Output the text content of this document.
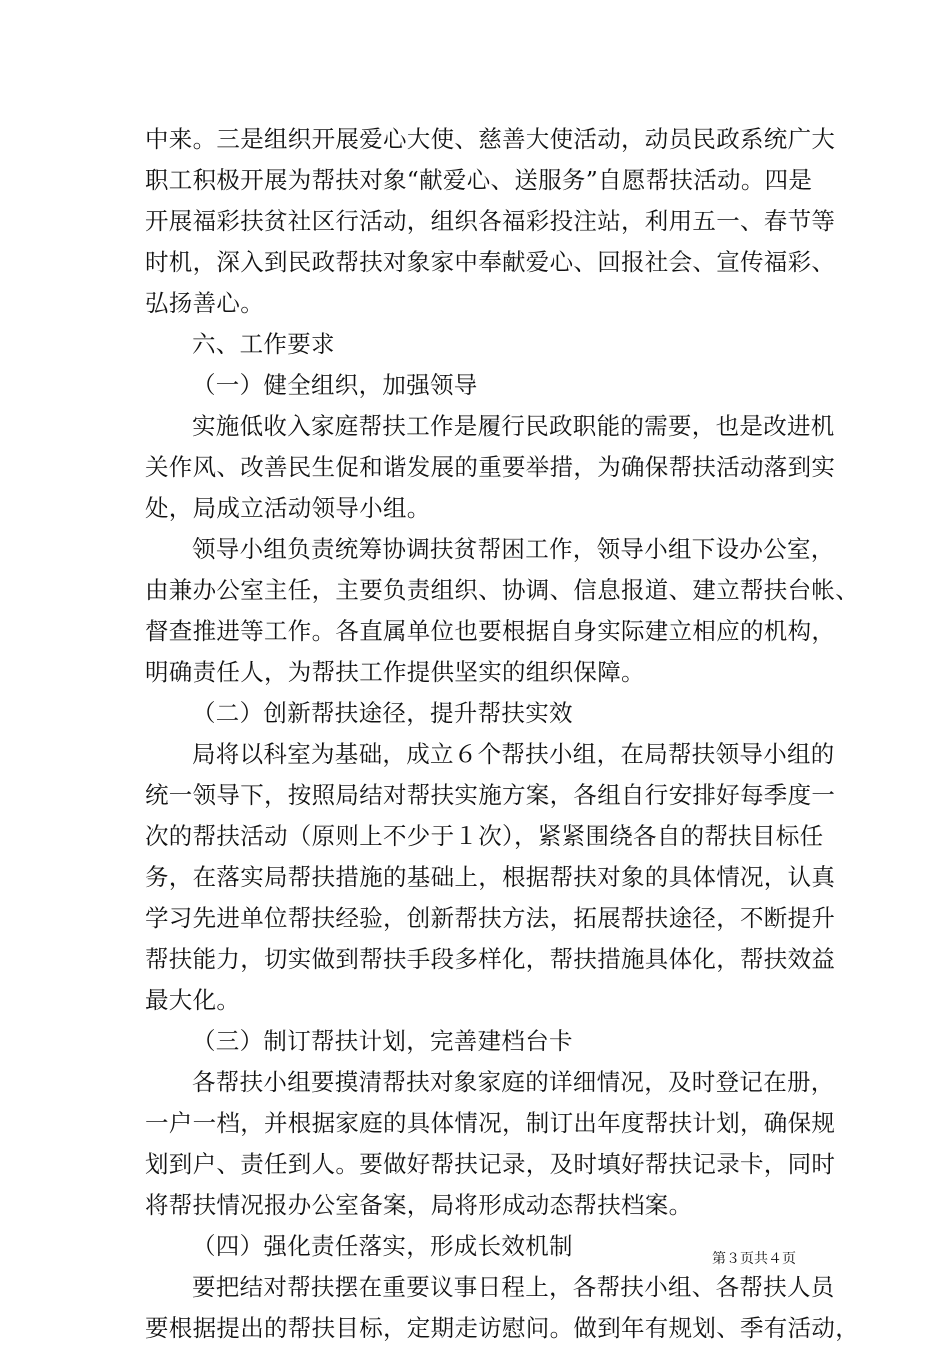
中来。三是组织开展爱心大使、慈善大使活动，动员民政系统广大
职工积极开展为帮扶对象“献爱心、送服务”自愿帮扶活动。四是
开展福彩扶贫社区行活动，组织各福彩投注站，利用五一、春节等
时机，深入到民政帮扶对象家中奉献爱心、回报社会、宣传福彩、
弘扬善心。
六、工作要求
（一）健全组织，加强领导
实施低收入家庭帮扶工作是履行民政职能的需要，也是改进机
关作风、改善民生促和谐发展的重要举措，为确保帮扶活动落到实
处，局成立活动领导小组。
领导小组负责统筹协调扶贫帮困工作，领导小组下设办公室，
由兼办公室主任，主要负责组织、协调、信息报道、建立帮扶台帐、
督查推进等工作。各直属单位也要根据自身实际建立相应的机构，
明确责任人，为帮扶工作提供坚实的组织保障。
（二）创新帮扶途径，提升帮扶实效
局将以科室为基础，成立６个帮扶小组，在局帮扶领导小组的
统一领导下，按照局结对帮扶实施方案，各组自行安排好每季度一
次的帮扶活动（原则上不少于１次），紧紧围绕各自的帮扶目标任
务，在落实局帮扶措施的基础上，根据帮扶对象的具体情况，认真
学习先进单位帮扶经验，创新帮扶方法，拓展帮扶途径，不断提升
帮扶能力，切实做到帮扶手段多样化，帮扶措施具体化，帮扶效益
最大化。
（三）制订帮扶计划，完善建档台卡
各帮扶小组要摸清帮扶对象家庭的详细情况，及时登记在册，
一户一档，并根据家庭的具体情况，制订出年度帮扶计划，确保规
划到户、责任到人。要做好帮扶记录，及时填好帮扶记录卡，同时
将帮扶情况报办公室备案，局将形成动态帮扶档案。
（四）强化责任落实，形成长效机制
要把结对帮扶摆在重要议事日程上，各帮扶小组、各帮扶人员
要根据提出的帮扶目标，定期走访慰问。做到年有规划、季有活动，
第３页共４页
